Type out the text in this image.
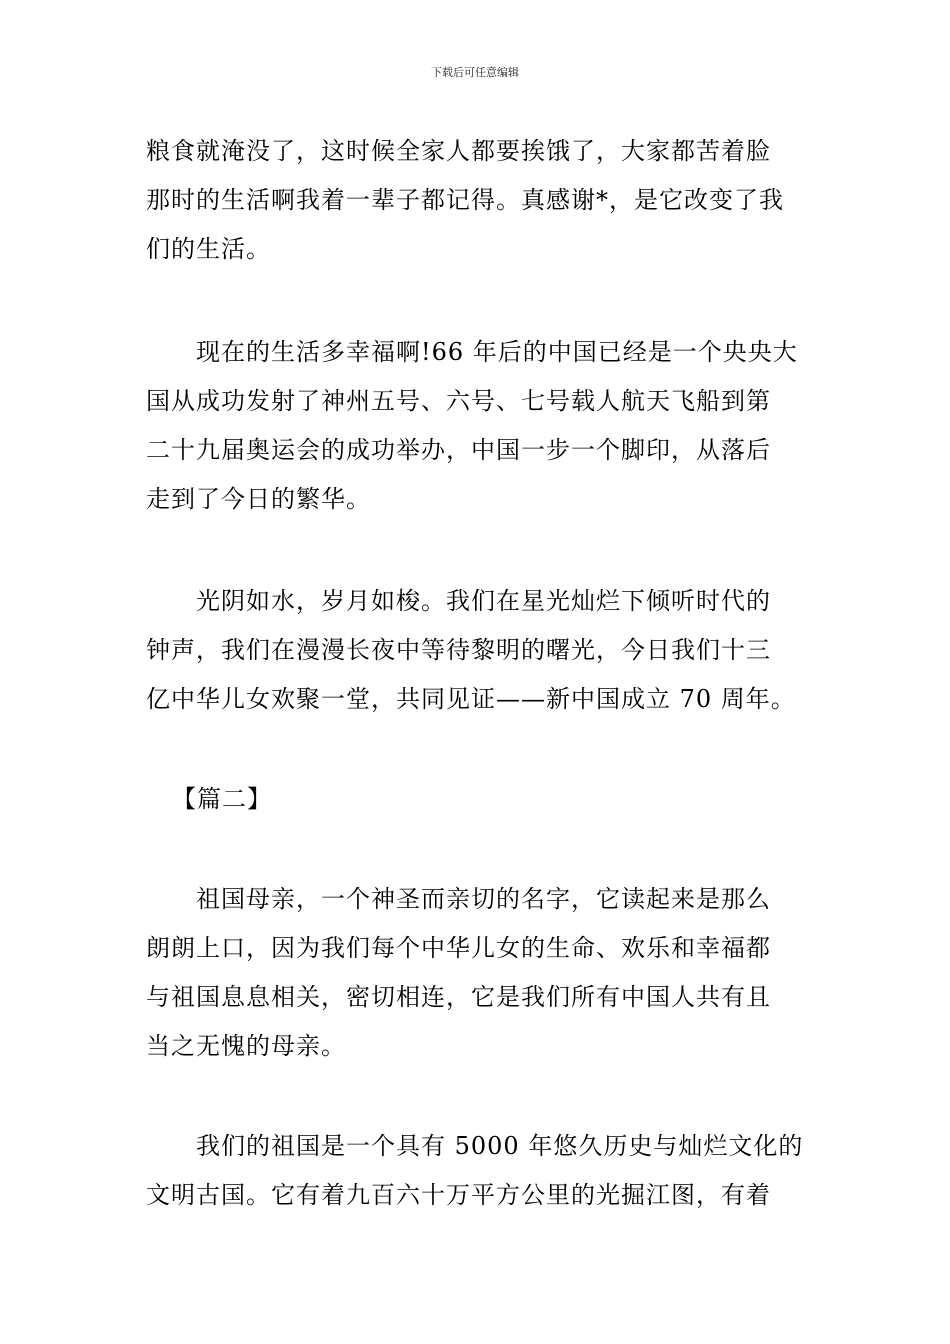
下载后可任意编辑
粮食就淹没了，这时候全家人都要挨饿了，大家都苦着脸
那时的生活啊我着一辈子都记得。真感谢*，是它改变了我
们的生活。
现在的生活多幸福啊!66 年后的中国已经是一个央央大
国从成功发射了神州五号、六号、七号载人航天飞船到第
二十九届奥运会的成功举办，中国一步一个脚印，从落后
走到了今日的繁华。
光阴如水，岁月如梭。我们在星光灿烂下倾听时代的
钟声，我们在漫漫长夜中等待黎明的曙光，今日我们十三
亿中华儿女欢聚一堂，共同见证——新中国成立 70 周年。
【篇二】
祖国母亲，一个神圣而亲切的名字，它读起来是那么
朗朗上口，因为我们每个中华儿女的生命、欢乐和幸福都
与祖国息息相关，密切相连，它是我们所有中国人共有且
当之无愧的母亲。
我们的祖国是一个具有 5000 年悠久历史与灿烂文化的
文明古国。它有着九百六十万平方公里的光掘江图，有着
